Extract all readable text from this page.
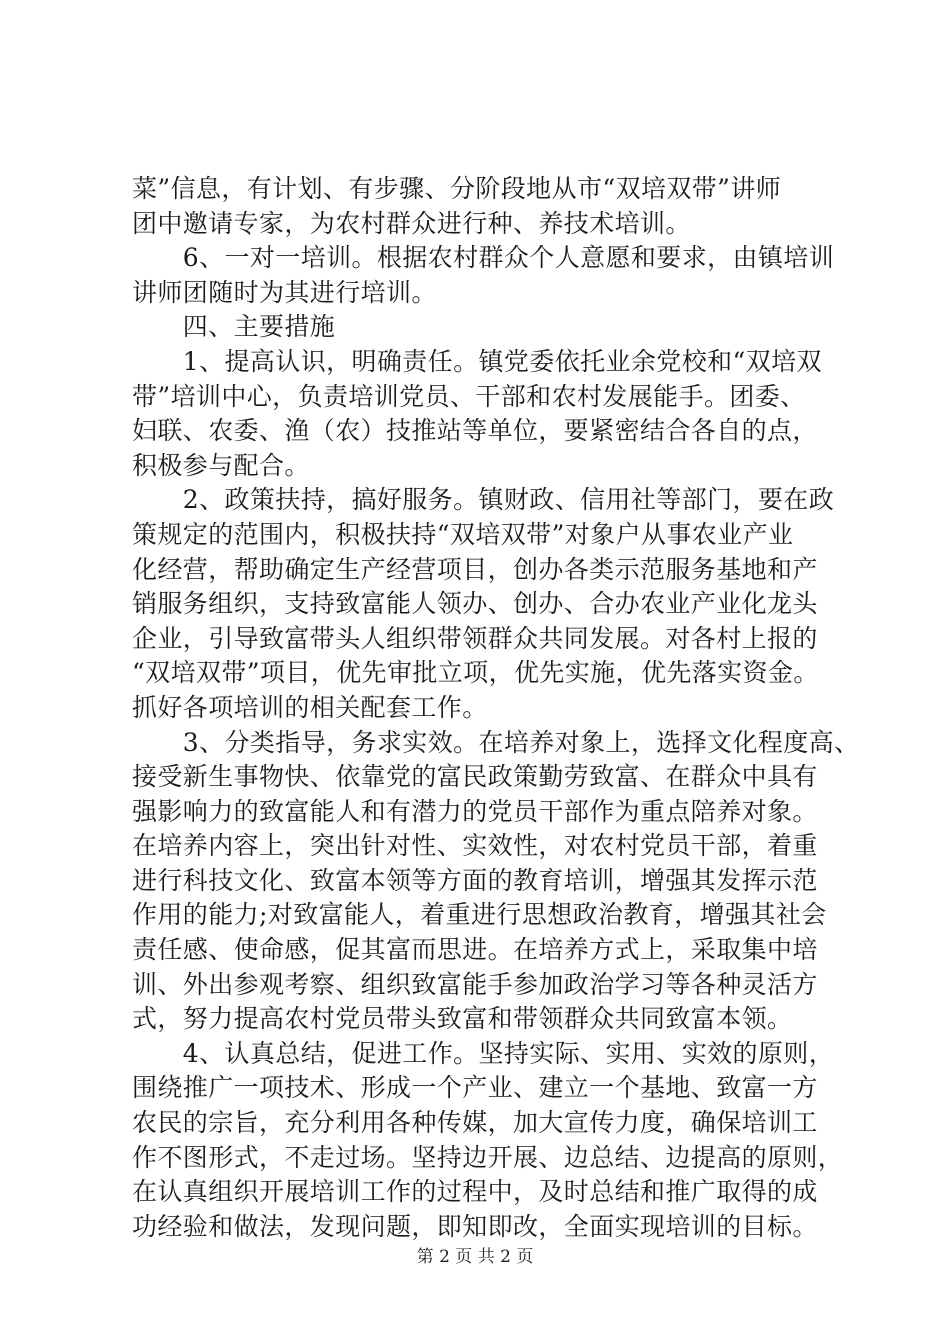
菜”信息，有计划、有步骤、分阶段地从市“双培双带”讲师
团中邀请专家，为农村群众进行种、养技术培训。
　　6、一对一培训。根据农村群众个人意愿和要求，由镇培训
讲师团随时为其进行培训。
　　四、主要措施
　　1、提高认识，明确责任。镇党委依托业余党校和“双培双
带”培训中心，负责培训党员、干部和农村发展能手。团委、
妇联、农委、渔（农）技推站等单位，要紧密结合各自的点，
积极参与配合。
　　2、政策扶持，搞好服务。镇财政、信用社等部门，要在政
策规定的范围内，积极扶持“双培双带”对象户从事农业产业
化经营，帮助确定生产经营项目，创办各类示范服务基地和产
销服务组织，支持致富能人领办、创办、合办农业产业化龙头
企业，引导致富带头人组织带领群众共同发展。对各村上报的
“双培双带”项目，优先审批立项，优先实施，优先落实资金。
抓好各项培训的相关配套工作。
　　3、分类指导，务求实效。在培养对象上，选择文化程度高、
接受新生事物快、依靠党的富民政策勤劳致富、在群众中具有
强影响力的致富能人和有潜力的党员干部作为重点陪养对象。
在培养内容上，突出针对性、实效性，对农村党员干部，着重
进行科技文化、致富本领等方面的教育培训，增强其发挥示范
作用的能力;对致富能人，着重进行思想政治教育，增强其社会
责任感、使命感，促其富而思进。在培养方式上，采取集中培
训、外出参观考察、组织致富能手参加政治学习等各种灵活方
式，努力提高农村党员带头致富和带领群众共同致富本领。
　　4、认真总结，促进工作。坚持实际、实用、实效的原则，
围绕推广一项技术、形成一个产业、建立一个基地、致富一方
农民的宗旨，充分利用各种传媒，加大宣传力度，确保培训工
作不图形式，不走过场。坚持边开展、边总结、边提高的原则，
在认真组织开展培训工作的过程中，及时总结和推广取得的成
功经验和做法，发现问题，即知即改，全面实现培训的目标。
第 2 页 共 2 页
